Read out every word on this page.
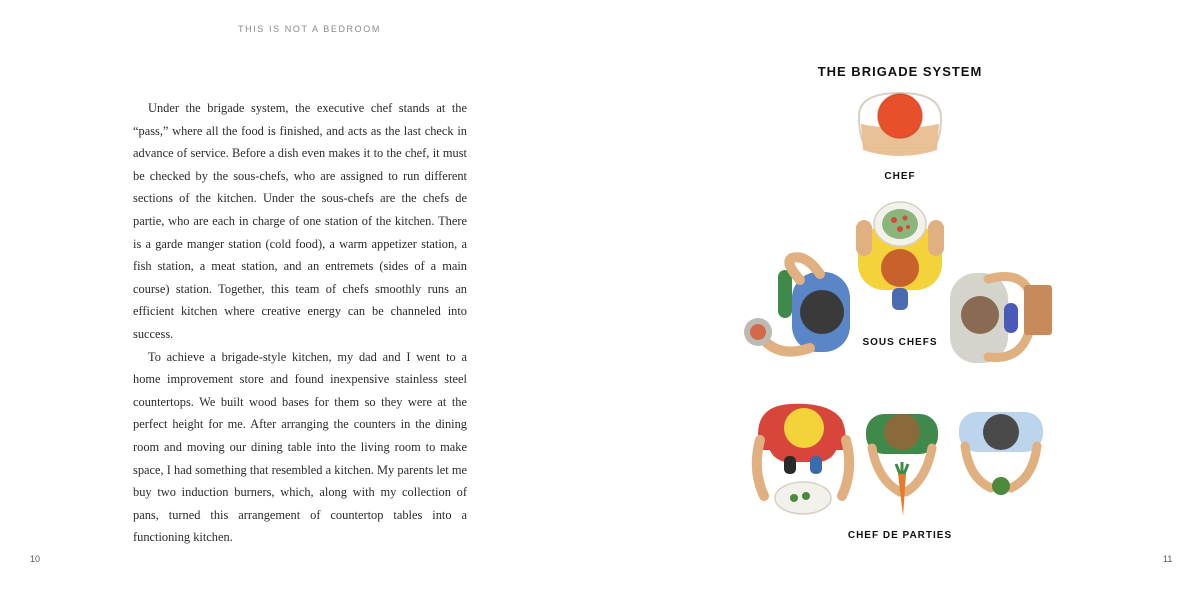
THIS IS NOT A BEDROOM

Under the brigade system, the executive chef stands at the “pass,” where all the food is finished, and acts as the last check in advance of service. Before a dish even makes it to the chef, it must be checked by the sous-chefs, who are assigned to run different sections of the kitchen. Under the sous-chefs are the chefs de partie, who are each in charge of one station of the kitchen. There is a garde manger station (cold food), a warm appetizer station, a fish station, a meat station, and an entremets (sides of a main course) station. Together, this team of chefs smoothly runs an efficient kitchen where creative energy can be channeled into success.

To achieve a brigade-style kitchen, my dad and I went to a home improvement store and found inexpensive stainless steel countertops. We built wood bases for them so they were at the perfect height for me. After arranging the counters in the dining room and moving our dining table into the living room to make space, I had something that resembled a kitchen. My parents let me buy two induction burners, which, along with my collection of pans, turned this arrangement of countertop tables into a functioning kitchen.

10
THE BRIGADE SYSTEM
CHEF
SOUS CHEFS
CHEF DE PARTIES
11
